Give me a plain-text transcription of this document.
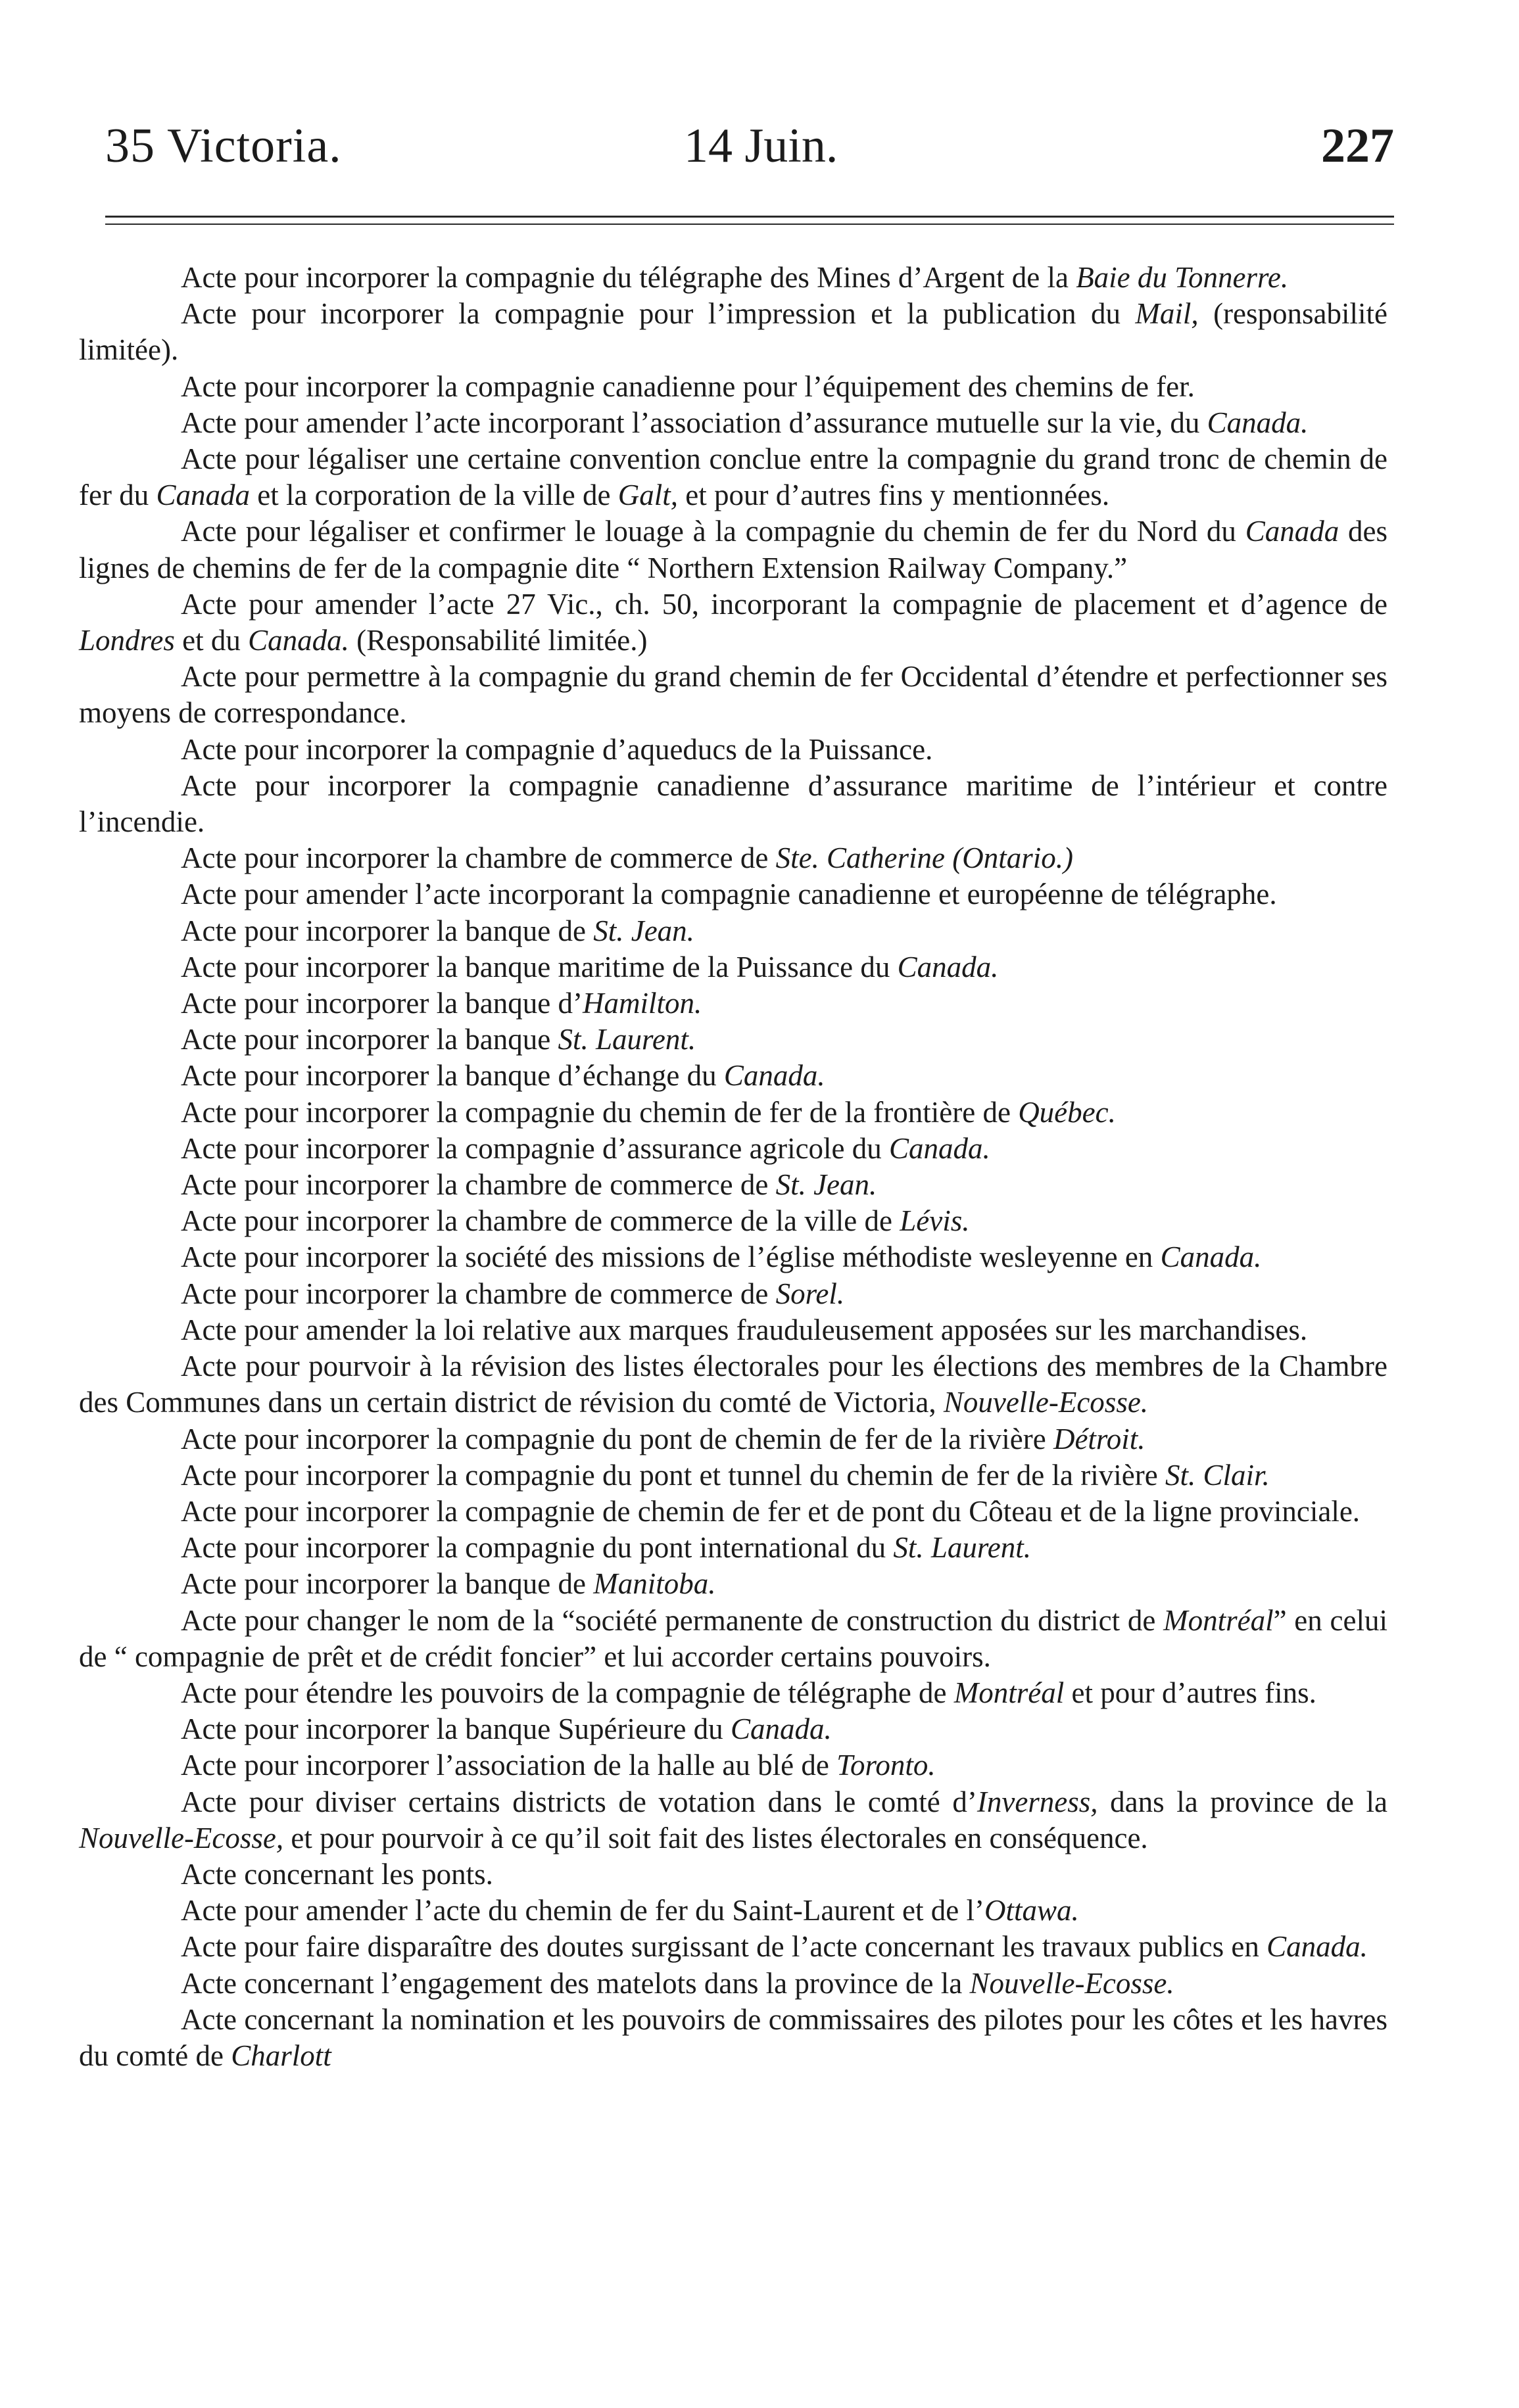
35 Victoria.	14 Juin.	227

Acte pour incorporer la compagnie du télégraphe des Mines d’Argent de la Baie du Tonnerre.

Acte pour incorporer la compagnie pour l’impression et la publication du Mail, (responsabilité limitée).

Acte pour incorporer la compagnie canadienne pour l’équipement des chemins de fer.

Acte pour amender l’acte incorporant l’association d’assurance mutuelle sur la vie, du Canada.

Acte pour légaliser une certaine convention conclue entre la compagnie du grand tronc de chemin de fer du Canada et la corporation de la ville de Galt, et pour d’autres fins y mentionnées.

Acte pour légaliser et confirmer le louage à la compagnie du chemin de fer du Nord du Canada des lignes de chemins de fer de la compagnie dite “ Northern Extension Railway Company.”

Acte pour amender l’acte 27 Vic., ch. 50, incorporant la compagnie de placement et d’agence de Londres et du Canada. (Responsabilité limitée.)

Acte pour permettre à la compagnie du grand chemin de fer Occidental d’étendre et perfectionner ses moyens de correspondance.

Acte pour incorporer la compagnie d’aqueducs de la Puissance.

Acte pour incorporer la compagnie canadienne d’assurance maritime de l’intérieur et contre l’incendie.

Acte pour incorporer la chambre de commerce de Ste. Catherine (Ontario.)

Acte pour amender l’acte incorporant la compagnie canadienne et européenne de télégraphe.

Acte pour incorporer la banque de St. Jean.

Acte pour incorporer la banque maritime de la Puissance du Canada.

Acte pour incorporer la banque d’Hamilton.

Acte pour incorporer la banque St. Laurent.

Acte pour incorporer la banque d’échange du Canada.

Acte pour incorporer la compagnie du chemin de fer de la frontière de Québec.

Acte pour incorporer la compagnie d’assurance agricole du Canada.

Acte pour incorporer la chambre de commerce de St. Jean.

Acte pour incorporer la chambre de commerce de la ville de Lévis.

Acte pour incorporer la société des missions de l’église méthodiste wesleyenne en Canada.

Acte pour incorporer la chambre de commerce de Sorel.

Acte pour amender la loi relative aux marques frauduleusement apposées sur les marchandises.

Acte pour pourvoir à la révision des listes électorales pour les élections des membres de la Chambre des Communes dans un certain district de révision du comté de Victoria, Nouvelle-Ecosse.

Acte pour incorporer la compagnie du pont de chemin de fer de la rivière Détroit.

Acte pour incorporer la compagnie du pont et tunnel du chemin de fer de la rivière St. Clair.

Acte pour incorporer la compagnie de chemin de fer et de pont du Côteau et de la ligne provinciale.

Acte pour incorporer la compagnie du pont international du St. Laurent.

Acte pour incorporer la banque de Manitoba.

Acte pour changer le nom de la “société permanente de construction du district de Montréal” en celui de “ compagnie de prêt et de crédit foncier” et lui accorder certains pouvoirs.

Acte pour étendre les pouvoirs de la compagnie de télégraphe de Montréal et pour d’autres fins.

Acte pour incorporer la banque Supérieure du Canada.

Acte pour incorporer l’association de la halle au blé de Toronto.

Acte pour diviser certains districts de votation dans le comté d’Inverness, dans la province de la Nouvelle-Ecosse, et pour pourvoir à ce qu’il soit fait des listes électorales en conséquence.

Acte concernant les ponts.

Acte pour amender l’acte du chemin de fer du Saint-Laurent et de l’Ottawa.

Acte pour faire disparaître des doutes surgissant de l’acte concernant les travaux publics en Canada.

Acte concernant l’engagement des matelots dans la province de la Nouvelle-Ecosse.

Acte concernant la nomination et les pouvoirs de commissaires des pilotes pour les côtes et les havres du comté de Charlott
